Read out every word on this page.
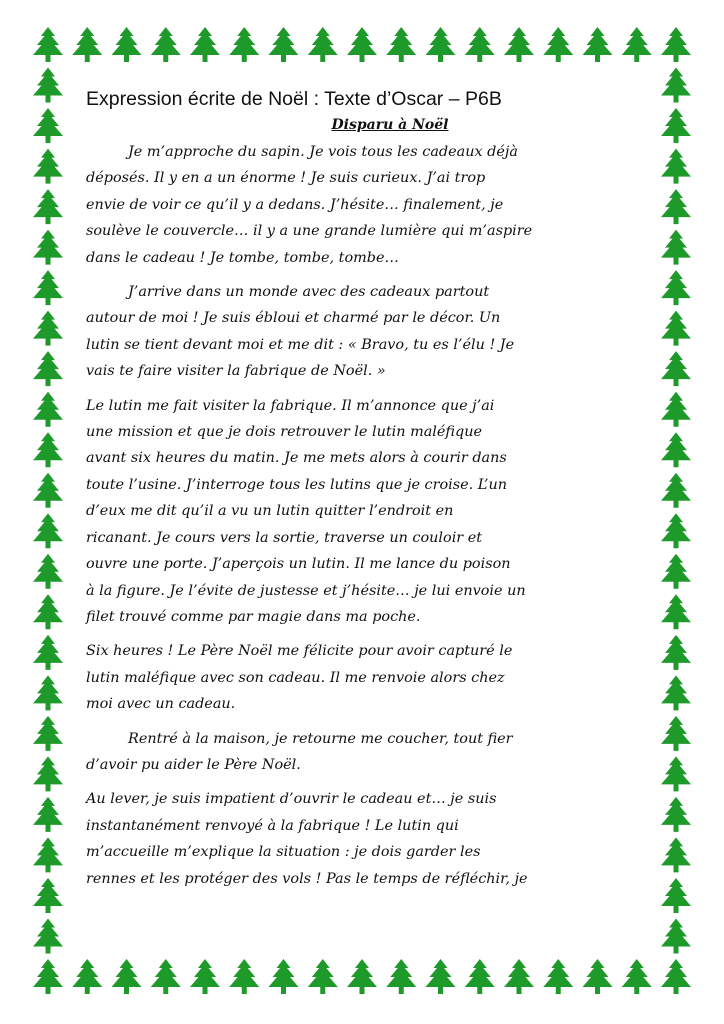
Expression écrite de Noël : Texte d’Oscar – P6B
Disparu à Noël

Je m’approche du sapin. Je vois tous les cadeaux déjà
déposés. Il y en a un énorme ! Je suis curieux. J’ai trop
envie de voir ce qu’il y a dedans. J’hésite… finalement, je
soulève le couvercle… il y a une grande lumière qui m’aspire
dans le cadeau ! Je tombe, tombe, tombe…

J’arrive dans un monde avec des cadeaux partout
autour de moi ! Je suis ébloui et charmé par le décor. Un
lutin se tient devant moi et me dit : « Bravo, tu es l’élu ! Je
vais te faire visiter la fabrique de Noël. »

Le lutin me fait visiter la fabrique. Il m’annonce que j’ai
une mission et que je dois retrouver le lutin maléfique
avant six heures du matin. Je me mets alors à courir dans
toute l’usine. J’interroge tous les lutins que je croise. L’un
d’eux me dit qu’il a vu un lutin quitter l’endroit en
ricanant. Je cours vers la sortie, traverse un couloir et
ouvre une porte. J’aperçois un lutin. Il me lance du poison
à la figure. Je l’évite de justesse et j’hésite… je lui envoie un
filet trouvé comme par magie dans ma poche.

Six heures ! Le Père Noël me félicite pour avoir capturé le
lutin maléfique avec son cadeau. Il me renvoie alors chez
moi avec un cadeau.

Rentré à la maison, je retourne me coucher, tout fier
d’avoir pu aider le Père Noël.

Au lever, je suis impatient d’ouvrir le cadeau et… je suis
instantanément renvoyé à la fabrique ! Le lutin qui
m’accueille m’explique la situation : je dois garder les
rennes et les protéger des vols ! Pas le temps de réfléchir, je
